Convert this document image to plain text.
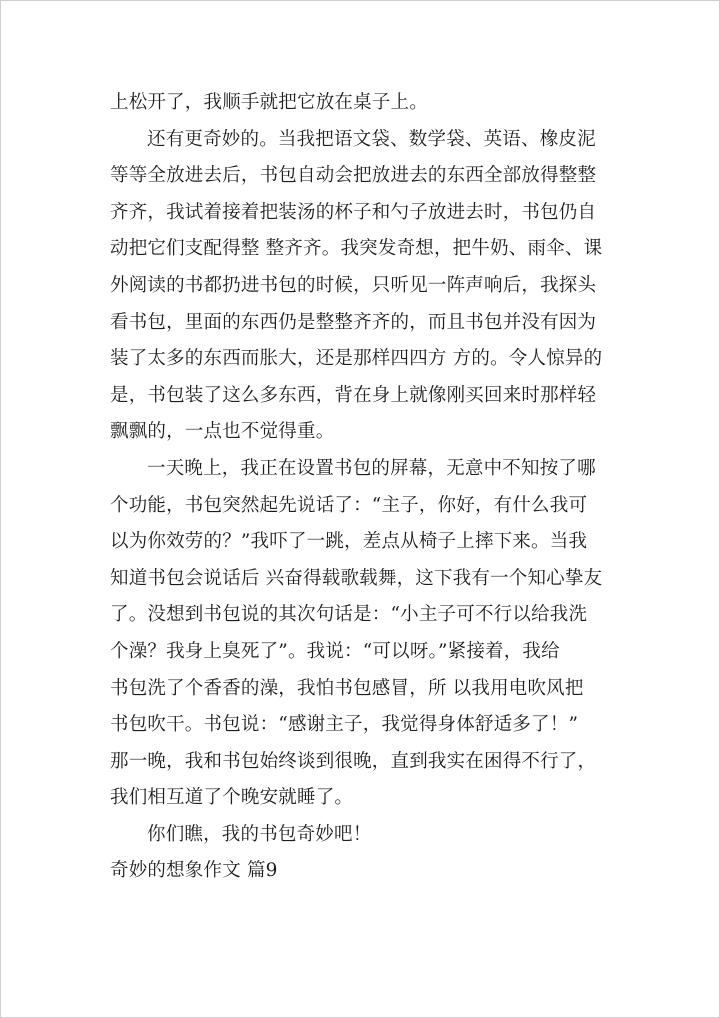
上松开了，我顺手就把它放在桌子上。
还有更奇妙的。当我把语文袋、数学袋、英语、橡皮泥
等等全放进去后，书包自动会把放进去的东西全部放得整整
齐齐，我试着接着把装汤的杯子和勺子放进去时，书包仍自
动把它们支配得整 整齐齐。我突发奇想，把牛奶、雨伞、课
外阅读的书都扔进书包的时候，只听见一阵声响后，我探头
看书包，里面的东西仍是整整齐齐的，而且书包并没有因为
装了太多的东西而胀大，还是那样四四方 方的。令人惊异的
是，书包装了这么多东西，背在身上就像刚买回来时那样轻
飘飘的，一点也不觉得重。
一天晚上，我正在设置书包的屏幕，无意中不知按了哪
个功能，书包突然起先说话了：“主子，你好，有什么我可
以为你效劳的？”我吓了一跳，差点从椅子上摔下来。当我
知道书包会说话后 兴奋得载歌载舞，这下我有一个知心挚友
了。没想到书包说的其次句话是：“小主子可不行以给我洗
个澡？我身上臭死了”。我说：“可以呀。”紧接着，我给
书包洗了个香香的澡，我怕书包感冒，所 以我用电吹风把
书包吹干。书包说：“感谢主子，我觉得身体舒适多了！”
那一晚，我和书包始终谈到很晚，直到我实在困得不行了，
我们相互道了个晚安就睡了。
你们瞧，我的书包奇妙吧！
奇妙的想象作文 篇9
